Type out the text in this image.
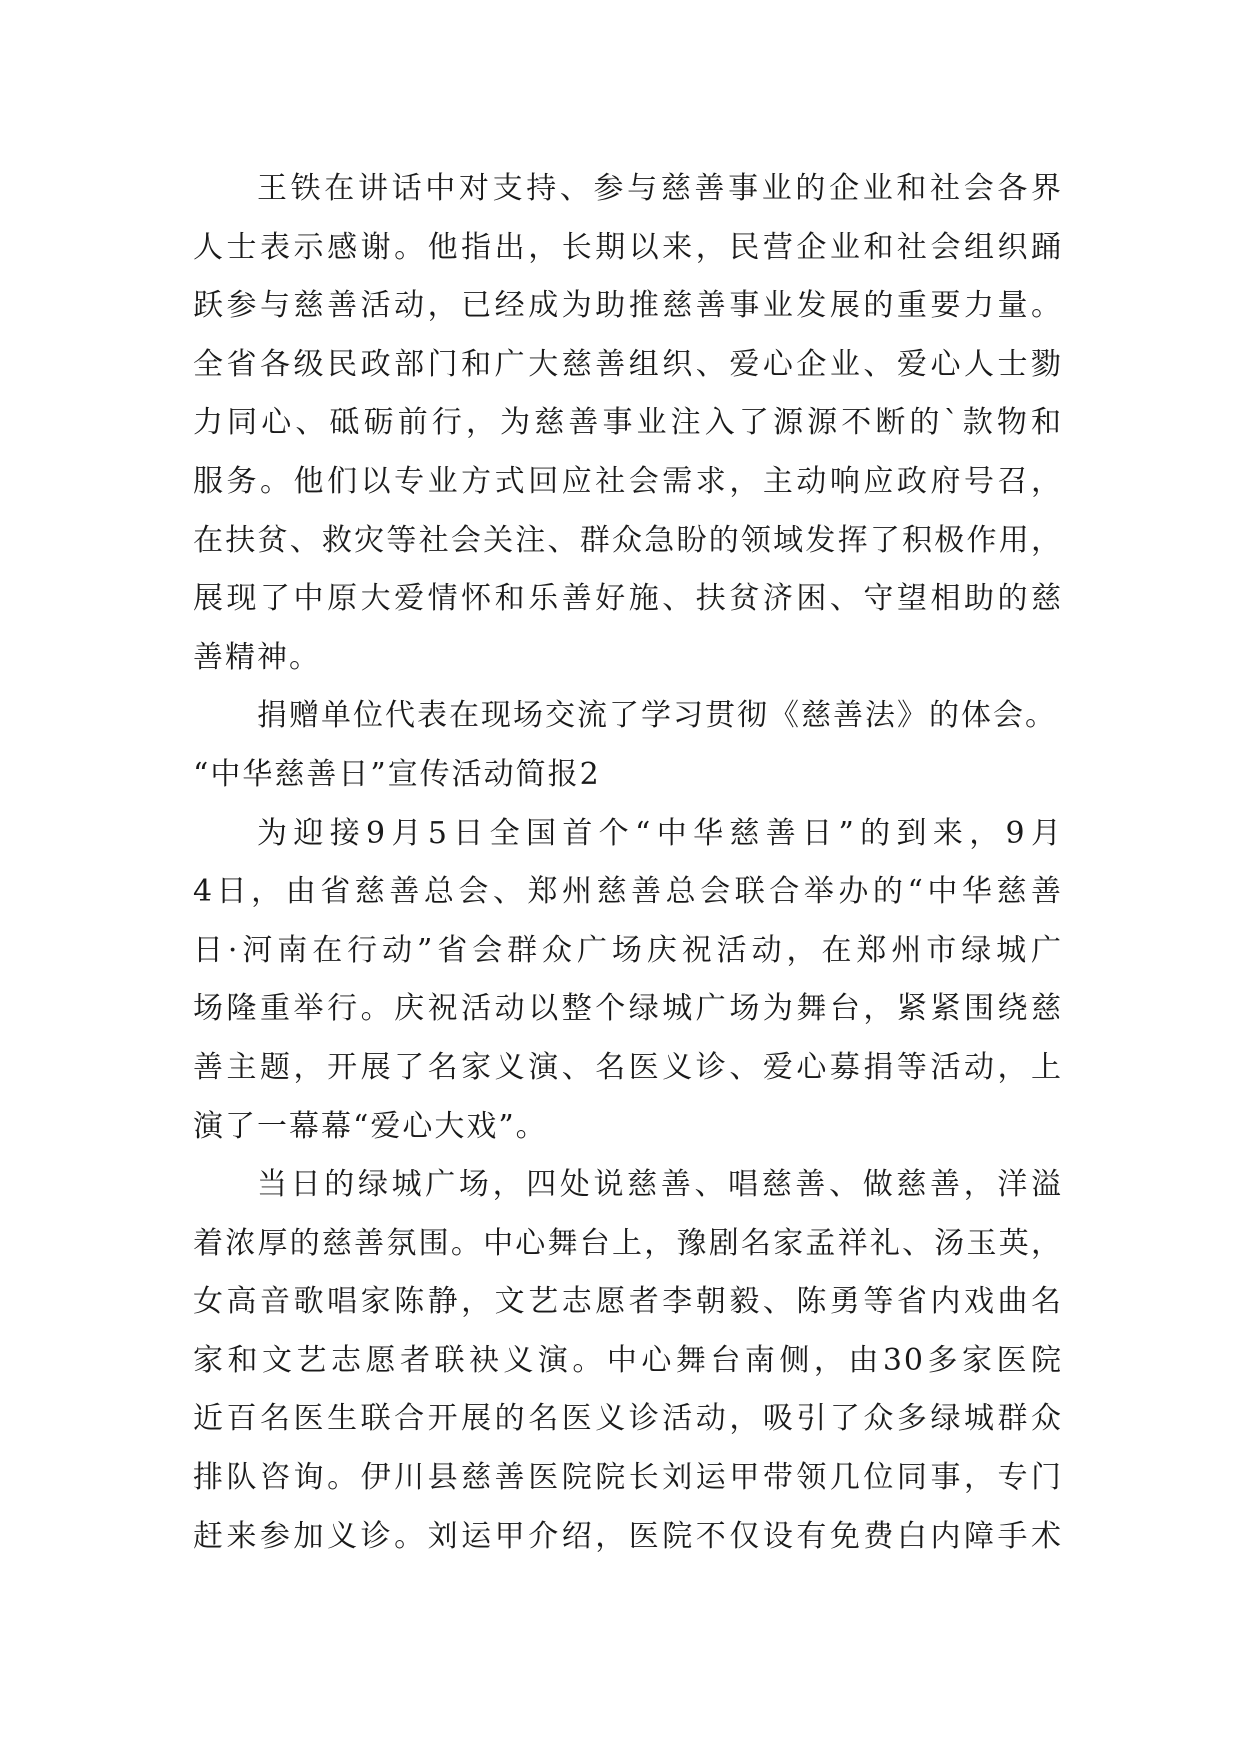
王铁在讲话中对支持、参与慈善事业的企业和社会各界
人士表示感谢。他指出，长期以来，民营企业和社会组织踊
跃参与慈善活动，已经成为助推慈善事业发展的重要力量。
全省各级民政部门和广大慈善组织、爱心企业、爱心人士勠
力同心、砥砺前行，为慈善事业注入了源源不断的`款物和
服务。他们以专业方式回应社会需求，主动响应政府号召，
在扶贫、救灾等社会关注、群众急盼的领域发挥了积极作用，
展现了中原大爱情怀和乐善好施、扶贫济困、守望相助的慈
善精神。
捐赠单位代表在现场交流了学习贯彻《慈善法》的体会。
“中华慈善日”宣传活动简报2
为迎接9月5日全国首个“中华慈善日”的到来，9月
4日，由省慈善总会、郑州慈善总会联合举办的“中华慈善
日·河南在行动”省会群众广场庆祝活动，在郑州市绿城广
场隆重举行。庆祝活动以整个绿城广场为舞台，紧紧围绕慈
善主题，开展了名家义演、名医义诊、爱心募捐等活动，上
演了一幕幕“爱心大戏”。
当日的绿城广场，四处说慈善、唱慈善、做慈善，洋溢
着浓厚的慈善氛围。中心舞台上，豫剧名家孟祥礼、汤玉英，
女高音歌唱家陈静，文艺志愿者李朝毅、陈勇等省内戏曲名
家和文艺志愿者联袂义演。中心舞台南侧，由30多家医院
近百名医生联合开展的名医义诊活动，吸引了众多绿城群众
排队咨询。伊川县慈善医院院长刘运甲带领几位同事，专门
赶来参加义诊。刘运甲介绍，医院不仅设有免费白内障手术
